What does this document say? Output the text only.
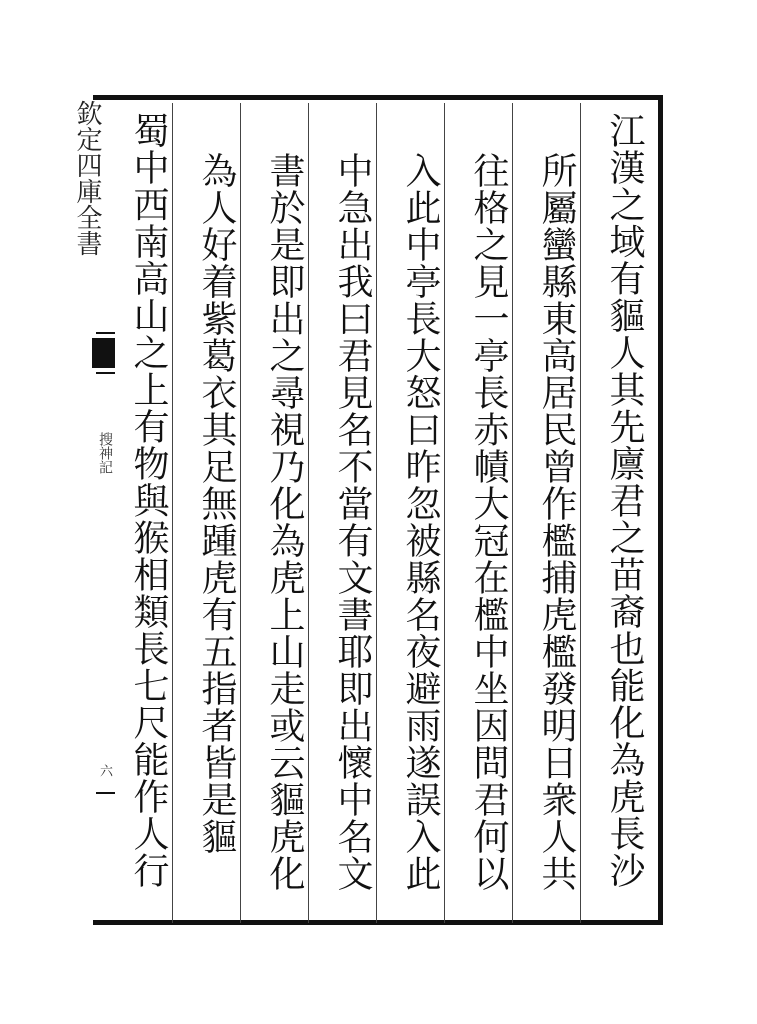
欽定四庫全書
搜神記
六	江漢之域有貙人其先廪君之苗裔也能化為虎長沙
所屬蠻縣東高居民曾作檻捕虎檻發明日衆人共
往格之見一亭長赤幘大冠在檻中坐因問君何以
入此中亭長大怒曰昨忽被縣名夜避雨遂誤入此
中急出我曰君見名不當有文書耶即出懷中名文
書於是即出之尋視乃化為虎上山走或云貙虎化
為人好着紫葛衣其足無踵虎有五指者皆是貙
蜀中西南高山之上有物與猴相類長七尺能作人行
